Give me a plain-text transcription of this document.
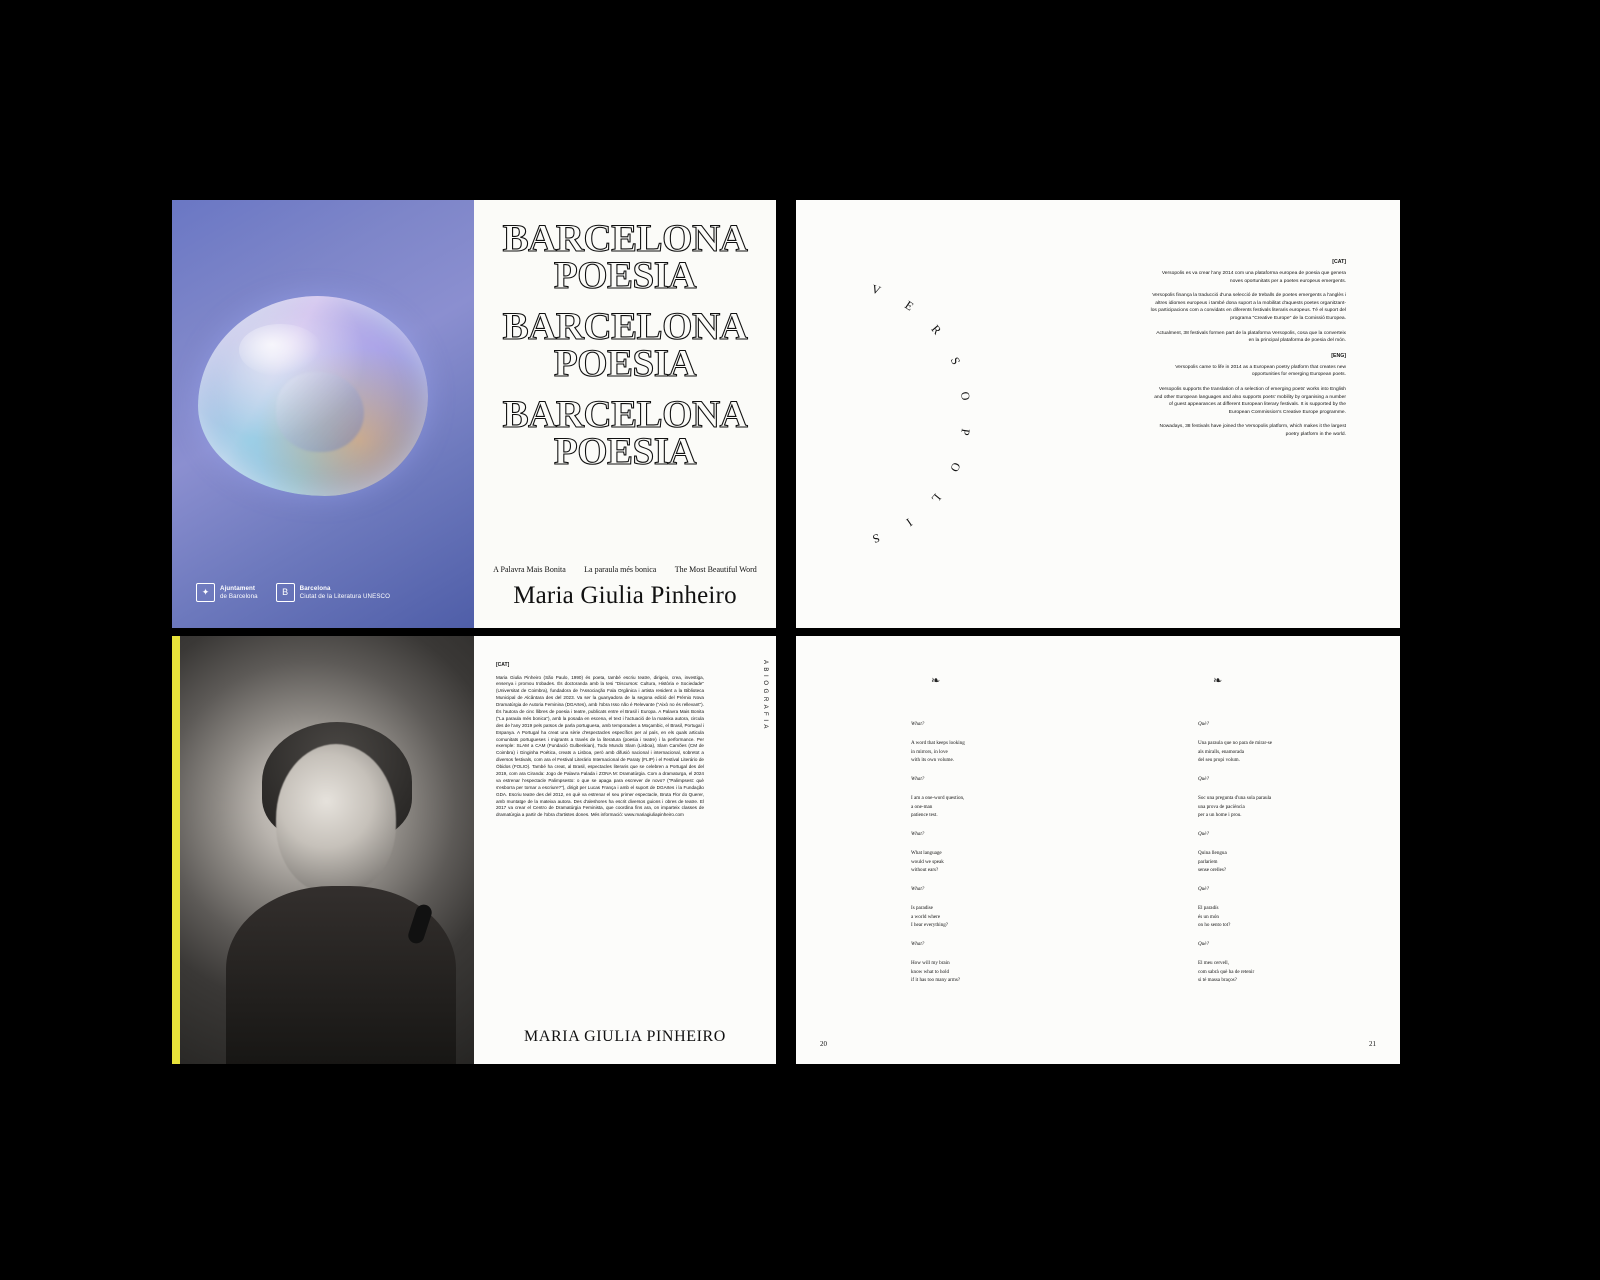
✦	Ajuntament
de Barcelona	B	Barcelona
Ciutat de la Literatura UNESCO
BARCELONA
POESIA
BARCELONA
POESIA
BARCELONA
POESIA
A Palavra Mais Bonita La paraula més bonica The Most Beautiful Word
Maria Giulia Pinheiro
V
E
R
S
O
P
O
L
I
S
[CAT]
Versopolis es va crear l'any 2014 com una plataforma europea de poesia que genera noves oportunitats per a poetes europeus emergents.
Versopolis finança la traducció d'una selecció de treballs de poetes emergents a l'anglès i altres idiomes europeus i també dona suport a la mobilitat d'aquests poetes organitzant-los participacions com a convidats en diferents festivals literaris europeus. Té el suport del programa "Creative Europe" de la Comissió Europea.
Actualment, 38 festivals formen part de la plataforma Versopolis, cosa que la converteix en la principal plataforma de poesia del món.
[ENG]
Versopolis came to life in 2014 as a European poetry platform that creates new opportunities for emerging European poets.
Versopolis supports the translation of a selection of emerging poets' works into English and other European languages and also supports poets' mobility by organising a number of guest appearances at different European literary festivals. It is supported by the European Commission's Creative Europe programme.
Nowadays, 38 festivals have joined the Versopolis platform, which makes it the largest poetry platform in the world.
[CAT]
Maria Giulia Pinheiro (São Paulo, 1990) és poeta, també escriu teatre, dirigeix, crea, investiga, ensenya i promou trobades. És doctoranda amb la tesi "Discursos: Cultura, Història e Sociedade" (Universitat de Coimbra), fundadora de l'Associação Fala Orgânica i artista resident a la Biblioteca Municipal de Alcântara des del 2023. Va ser la guanyadora de la segona edició del Prémio Nova Dramatúrgia de Autoria Feminina (DGArtes), amb l'obra Isso não é Relevante ("Això no és rellevant"). És l'autora de cinc llibres de poesia i teatre, publicats entre el Brasil i Europa. A Palavra Mais Bonita ("La paraula més bonica"), amb la posada en escena, el text i l'actuació de la mateixa autora, circula des de l'any 2019 pels països de parla portuguesa, amb temporades a Moçambic, el Brasil, Portugal i Espanya. A Portugal ha creat una sèrie d'espectacles específics per al país, en els quals articula comunitats portugueses i migrants a través de la literatura (poesia i teatre) i la performance. Per exemple: SLAM a CAM (Fundació Gulbenkian), Todo Mundo Slam (Lisboa), Slam Camões (CM de Coimbra) i Ginginha Poética, creats a Lisboa, però amb difusió nacional i internacional, sobretot a diversos festivals, com ara el Festival Literário Internacional de Paraty (FLIP) i el Festival Literário de Óbidos (FOLIO). També ha creat, al Brasil, espectacles literaris que se celebren a Portugal des del 2019, com ara Ciranda: Jogo de Palavra Falada i ZONA M: Dramatúrgia. Com a dramaturga, el 2024 va estrenar l'espectacle Palimpsesto: o que se apaga para escrever de novo? ("Palimpsest: què s'esborra per tornar a escriure?"), dirigit per Lucas França i amb el suport de DGArtes i la Fundação GDA. Escriu teatre des del 2012, en què va estrenar el seu primer espectacle, Bruta Flor do Querer, amb muntatge de la mateixa autora. Des d'aleshores ha escrit diversos guions i obres de teatre. El 2017 va crear el Centro de Dramatúrgia Feminista, que coordina fins ara, on imparteix classes de dramatúrgia a partir de l'obra d'artistes dones. Més informació: www.mariagiuliapinheiro.com
A B I O G R A F I A
MARIA GIULIA PINHEIRO
❧
What?
A word that keeps looking
in mirrors, in love
with its own volume.
What?
I am a one-word question,
a one-man
patience test.
What?
What language
would we speak
without ears?
What?
Is paradise
a world where
I hear everything?
What?
How will my brain
know what to hold
if it has too many arms?
20
❧
Què?
Una paraula que no para de mirar-se
als miralls, enamorada
del seu propi volum.
Què?
Soc una pregunta d'una sola paraula
una prova de paciència
per a un home i prou.
Què?
Quina llengua
parlaríem
sense orelles?
Què?
El paradís
és un món
on ho sento tot?
Què?
El meu cervell,
com sabrà què ha de retenir
si té massa braços?
21
